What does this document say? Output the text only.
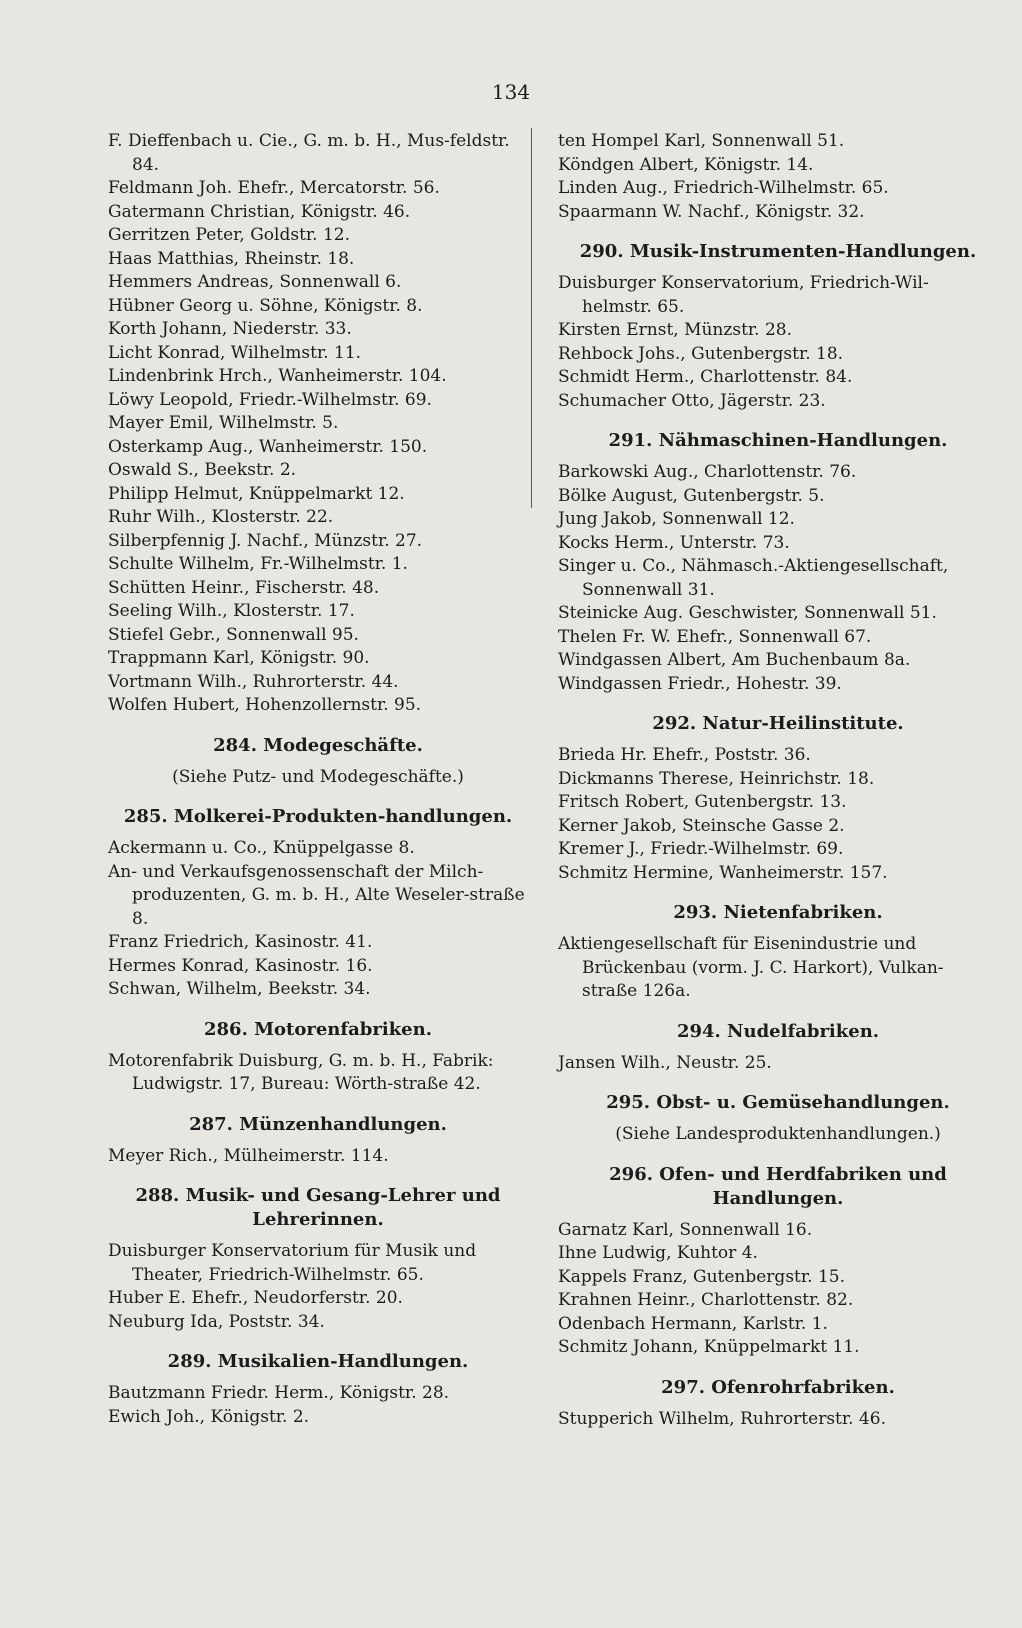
134

F. Dieffenbach u. Cie., G. m. b. H., Mus-feldstr. 84.

Feldmann Joh. Ehefr., Mercatorstr. 56.

Gatermann Christian, Königstr. 46.

Gerritzen Peter, Goldstr. 12.

Haas Matthias, Rheinstr. 18.

Hemmers Andreas, Sonnenwall 6.

Hübner Georg u. Söhne, Königstr. 8.

Korth Johann, Niederstr. 33.

Licht Konrad, Wilhelmstr. 11.

Lindenbrink Hrch., Wanheimerstr. 104.

Löwy Leopold, Friedr.-Wilhelmstr. 69.

Mayer Emil, Wilhelmstr. 5.

Osterkamp Aug., Wanheimerstr. 150.

Oswald S., Beekstr. 2.

Philipp Helmut, Knüppelmarkt 12.

Ruhr Wilh., Klosterstr. 22.

Silberpfennig J. Nachf., Münzstr. 27.

Schulte Wilhelm, Fr.-Wilhelmstr. 1.

Schütten Heinr., Fischerstr. 48.

Seeling Wilh., Klosterstr. 17.

Stiefel Gebr., Sonnenwall 95.

Trappmann Karl, Königstr. 90.

Vortmann Wilh., Ruhrorterstr. 44.

Wolfen Hubert, Hohenzollernstr. 95.

284. Modegeschäfte.

(Siehe Putz- und Modegeschäfte.)

285. Molkerei-Produkten-handlungen.

Ackermann u. Co., Knüppelgasse 8.

An- und Verkaufsgenossenschaft der Milch-produzenten, G. m. b. H., Alte Weseler-straße 8.

Franz Friedrich, Kasinostr. 41.

Hermes Konrad, Kasinostr. 16.

Schwan, Wilhelm, Beekstr. 34.

286. Motorenfabriken.

Motorenfabrik Duisburg, G. m. b. H., Fabrik: Ludwigstr. 17, Bureau: Wörth-straße 42.

287. Münzenhandlungen.

Meyer Rich., Mülheimerstr. 114.

288. Musik- und Gesang-Lehrer und Lehrerinnen.

Duisburger Konservatorium für Musik und Theater, Friedrich-Wilhelmstr. 65.

Huber E. Ehefr., Neudorferstr. 20.

Neuburg Ida, Poststr. 34.

289. Musikalien-Handlungen.

Bautzmann Friedr. Herm., Königstr. 28.

Ewich Joh., Königstr. 2.

ten Hompel Karl, Sonnenwall 51.

Köndgen Albert, Königstr. 14.

Linden Aug., Friedrich-Wilhelmstr. 65.

Spaarmann W. Nachf., Königstr. 32.

290. Musik-Instrumenten-Handlungen.

Duisburger Konservatorium, Friedrich-Wil-helmstr. 65.

Kirsten Ernst, Münzstr. 28.

Rehbock Johs., Gutenbergstr. 18.

Schmidt Herm., Charlottenstr. 84.

Schumacher Otto, Jägerstr. 23.

291. Nähmaschinen-Handlungen.

Barkowski Aug., Charlottenstr. 76.

Bölke August, Gutenbergstr. 5.

Jung Jakob, Sonnenwall 12.

Kocks Herm., Unterstr. 73.

Singer u. Co., Nähmasch.-Aktiengesellschaft, Sonnenwall 31.

Steinicke Aug. Geschwister, Sonnenwall 51.

Thelen Fr. W. Ehefr., Sonnenwall 67.

Windgassen Albert, Am Buchenbaum 8a.

Windgassen Friedr., Hohestr. 39.

292. Natur-Heilinstitute.

Brieda Hr. Ehefr., Poststr. 36.

Dickmanns Therese, Heinrichstr. 18.

Fritsch Robert, Gutenbergstr. 13.

Kerner Jakob, Steinsche Gasse 2.

Kremer J., Friedr.-Wilhelmstr. 69.

Schmitz Hermine, Wanheimerstr. 157.

293. Nietenfabriken.

Aktiengesellschaft für Eisenindustrie und Brückenbau (vorm. J. C. Harkort), Vulkan-straße 126a.

294. Nudelfabriken.

Jansen Wilh., Neustr. 25.

295. Obst- u. Gemüsehandlungen.

(Siehe Landesproduktenhandlungen.)

296. Ofen- und Herdfabriken und Handlungen.

Garnatz Karl, Sonnenwall 16.

Ihne Ludwig, Kuhtor 4.

Kappels Franz, Gutenbergstr. 15.

Krahnen Heinr., Charlottenstr. 82.

Odenbach Hermann, Karlstr. 1.

Schmitz Johann, Knüppelmarkt 11.

297. Ofenrohrfabriken.

Stupperich Wilhelm, Ruhrorterstr. 46.
